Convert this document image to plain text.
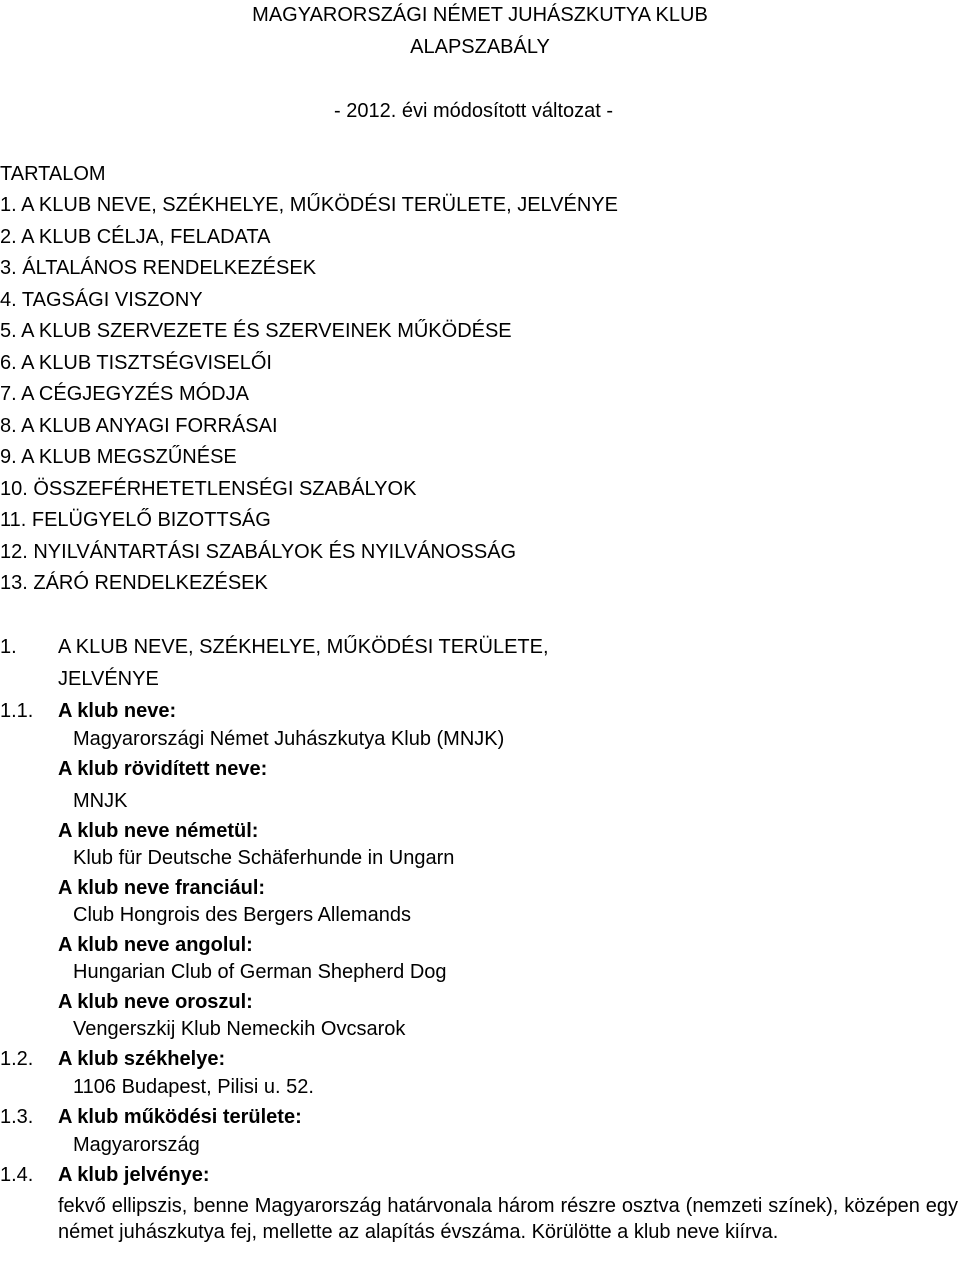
MAGYARORSZÁGI NÉMET JUHÁSZKUTYA KLUB
ALAPSZABÁLY
- 2012. évi módosított változat -
TARTALOM
1. A KLUB NEVE, SZÉKHELYE, MŰKÖDÉSI TERÜLETE, JELVÉNYE
2. A KLUB CÉLJA, FELADATA
3. ÁLTALÁNOS RENDELKEZÉSEK
4. TAGSÁGI VISZONY
5. A KLUB SZERVEZETE ÉS SZERVEINEK MŰKÖDÉSE
6. A KLUB TISZTSÉGVISELŐI
7. A CÉGJEGYZÉS MÓDJA
8. A KLUB ANYAGI FORRÁSAI
9. A KLUB MEGSZŰNÉSE
10. ÖSSZEFÉRHETETLENSÉGI SZABÁLYOK
11. FELÜGYELŐ BIZOTTSÁG
12. NYILVÁNTARTÁSI SZABÁLYOK ÉS NYILVÁNOSSÁG
13. ZÁRÓ RENDELKEZÉSEK
1. A KLUB NEVE, SZÉKHELYE, MŰKÖDÉSI TERÜLETE,
JELVÉNYE
1.1. A klub neve:
Magyarországi Német Juhászkutya Klub (MNJK)
A klub rövidített neve:
MNJK
A klub neve németül:
Klub für Deutsche Schäferhunde in Ungarn
A klub neve franciául:
Club Hongrois des Bergers Allemands
A klub neve angolul:
Hungarian Club of German Shepherd Dog
A klub neve oroszul:
Vengerszkij Klub Nemeckih Ovcsarok
1.2. A klub székhelye:
1106 Budapest, Pilisi u. 52.
1.3. A klub működési területe:
Magyarország
1.4. A klub jelvénye:
fekvő ellipszis, benne Magyarország határvonala három részre osztva (nemzeti színek), középen egy német juhászkutya fej, mellette az alapítás évszáma. Körülötte a klub neve kiírva.
